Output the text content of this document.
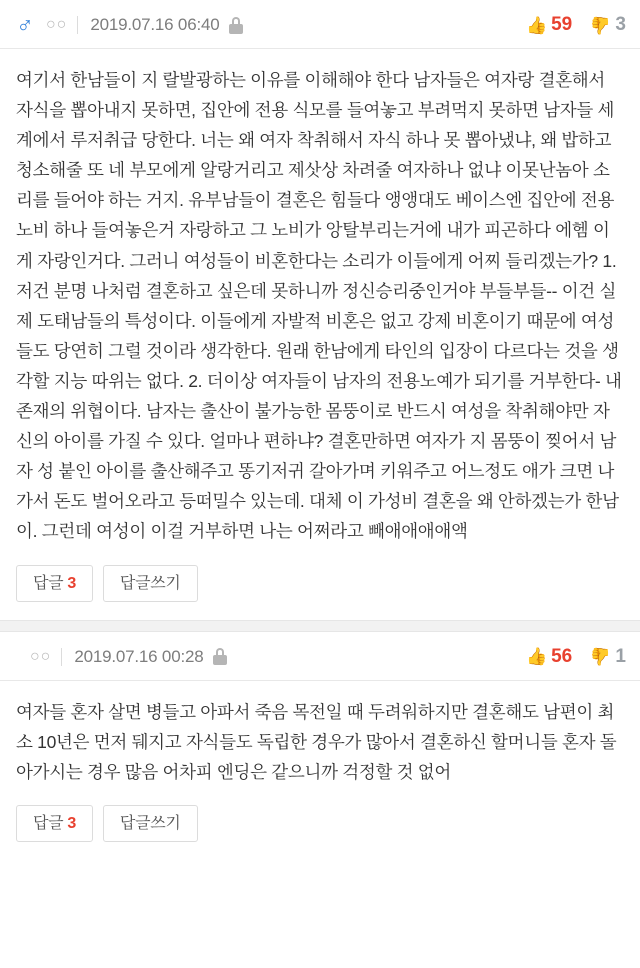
♂ ○○ 2019.07.16 06:40	👍 59 👍 3
여기서 한남들이 지 랄발광하는 이유를 이해해야 한다 남자들은 여자랑 결혼해서 자식을 뽑아내지 못하면, 집안에 전용 식모를 들여놓고 부려먹지 못하면 남자들 세계에서 루저취급 당한다. 너는 왜 여자 착취해서 자식 하나 못 뽑아냈냐, 왜 밥하고 청소해줄 또 네 부모에게 알랑거리고 제삿상 차려줄 여자하나 없냐 이못난놈아 소리를 들어야 하는 거지. 유부남들이 결혼은 힘들다 앵앵대도 베이스엔 집안에 전용노비 하나 들여놓은거 자랑하고 그 노비가 앙탈부리는거에 내가 피곤하다 에헴 이게 자랑인거다. 그러니 여성들이 비혼한다는 소리가 이들에게 어찌 들리겠는가? 1. 저건 분명 나처럼 결혼하고 싶은데 못하니까 정신승리중인거야 부들부들-- 이건 실제 도태남들의 특성이다. 이들에게 자발적 비혼은 없고 강제 비혼이기 때문에 여성들도 당연히 그럴 것이라 생각한다. 원래 한남에게 타인의 입장이 다르다는 것을 생각할 지능 따위는 없다. 2. 더이상 여자들이 남자의 전용노예가 되기를 거부한다- 내 존재의 위협이다. 남자는 출산이 불가능한 몸뚱이로 반드시 여성을 착취해야만 자신의 아이를 가질 수 있다. 얼마나 편하냐? 결혼만하면 여자가 지 몸뚱이 찢어서 남자 성 붙인 아이를 출산해주고 똥기저귀 갈아가며 키워주고 어느정도 애가 크면 나가서 돈도 벌어오라고 등떠밀수 있는데. 대체 이 가성비 결혼을 왜 안하겠는가 한남이. 그런데 여성이 이걸 거부하면 나는 어쩌라고 빼애애애애액
답글 3	답글쓰기
○○ 2019.07.16 00:28	👍 56 👍 1
여자들 혼자 살면 병들고 아파서 죽음 목전일 때 두려워하지만 결혼해도 남편이 최소 10년은 먼저 뒈지고 자식들도 독립한 경우가 많아서 결혼하신 할머니들 혼자 돌아가시는 경우 많음 어차피 엔딩은 같으니까 걱정할 것 없어
답글 3	답글쓰기
